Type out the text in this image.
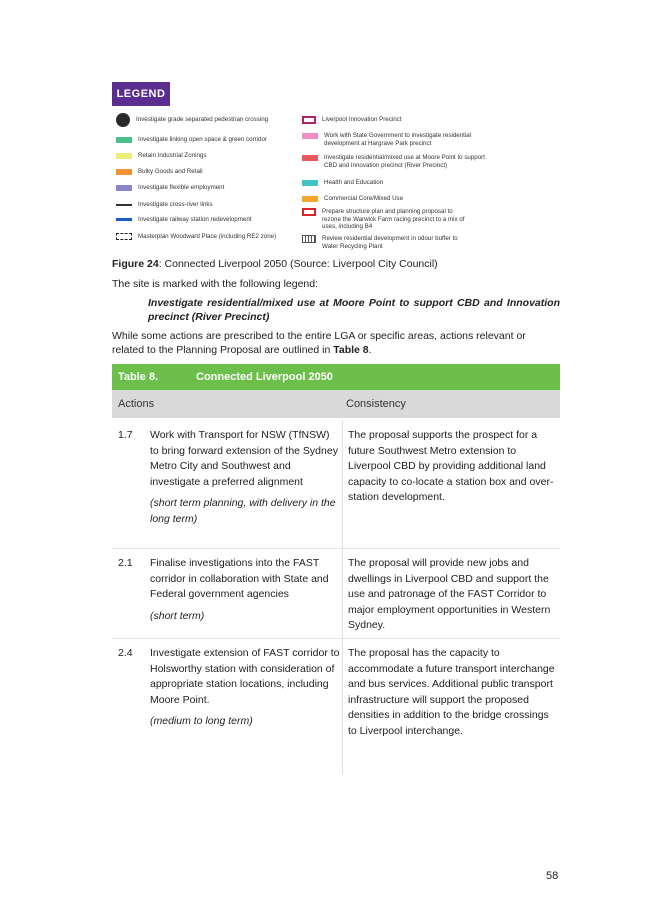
LEGEND
Investigate grade separated pedestrian crossing
Investigate linking open space & green corridor
Retain Industrial Zonings
Bulky Goods and Retail
Investigate flexible employment
Investigate cross-river links
Investigate railway station redevelopment
Masterplan Woodward Place (including RE2 zone)
Liverpool Innovation Precinct
Work with State Government to investigate residential development at Hargrave Park precinct
Investigate residential/mixed use at Moore Point to support CBD and Innovation precinct (River Precinct)
Health and Education
Commercial Core/Mixed Use
Prepare structure plan and planning proposal to rezone the Warwick Farm racing precinct to a mix of uses, including B4
Review residential development in odour buffer to Water Recycling Plant
Figure 24: Connected Liverpool 2050 (Source: Liverpool City Council)
The site is marked with the following legend:
Investigate residential/mixed use at Moore Point to support CBD and Innovation precinct (River Precinct)
While some actions are prescribed to the entire LGA or specific areas, actions relevant or related to the Planning Proposal are outlined in Table 8.
Table 8.	Connected Liverpool 2050
Actions	Consistency
1.7 Work with Transport for NSW (TfNSW) to bring forward extension of the Sydney Metro City and Southwest and investigate a preferred alignment
(short term planning, with delivery in the long term)
The proposal supports the prospect for a future Southwest Metro extension to Liverpool CBD by providing additional land capacity to co-locate a station box and over-station development.
2.1 Finalise investigations into the FAST corridor in collaboration with State and Federal government agencies
(short term)
The proposal will provide new jobs and dwellings in Liverpool CBD and support the use and patronage of the FAST Corridor to major employment opportunities in Western Sydney.
2.4 Investigate extension of FAST corridor to Holsworthy station with consideration of appropriate station locations, including Moore Point.
(medium to long term)
The proposal has the capacity to accommodate a future transport interchange and bus services. Additional public transport infrastructure will support the proposed densities in addition to the bridge crossings to Liverpool interchange.
58
